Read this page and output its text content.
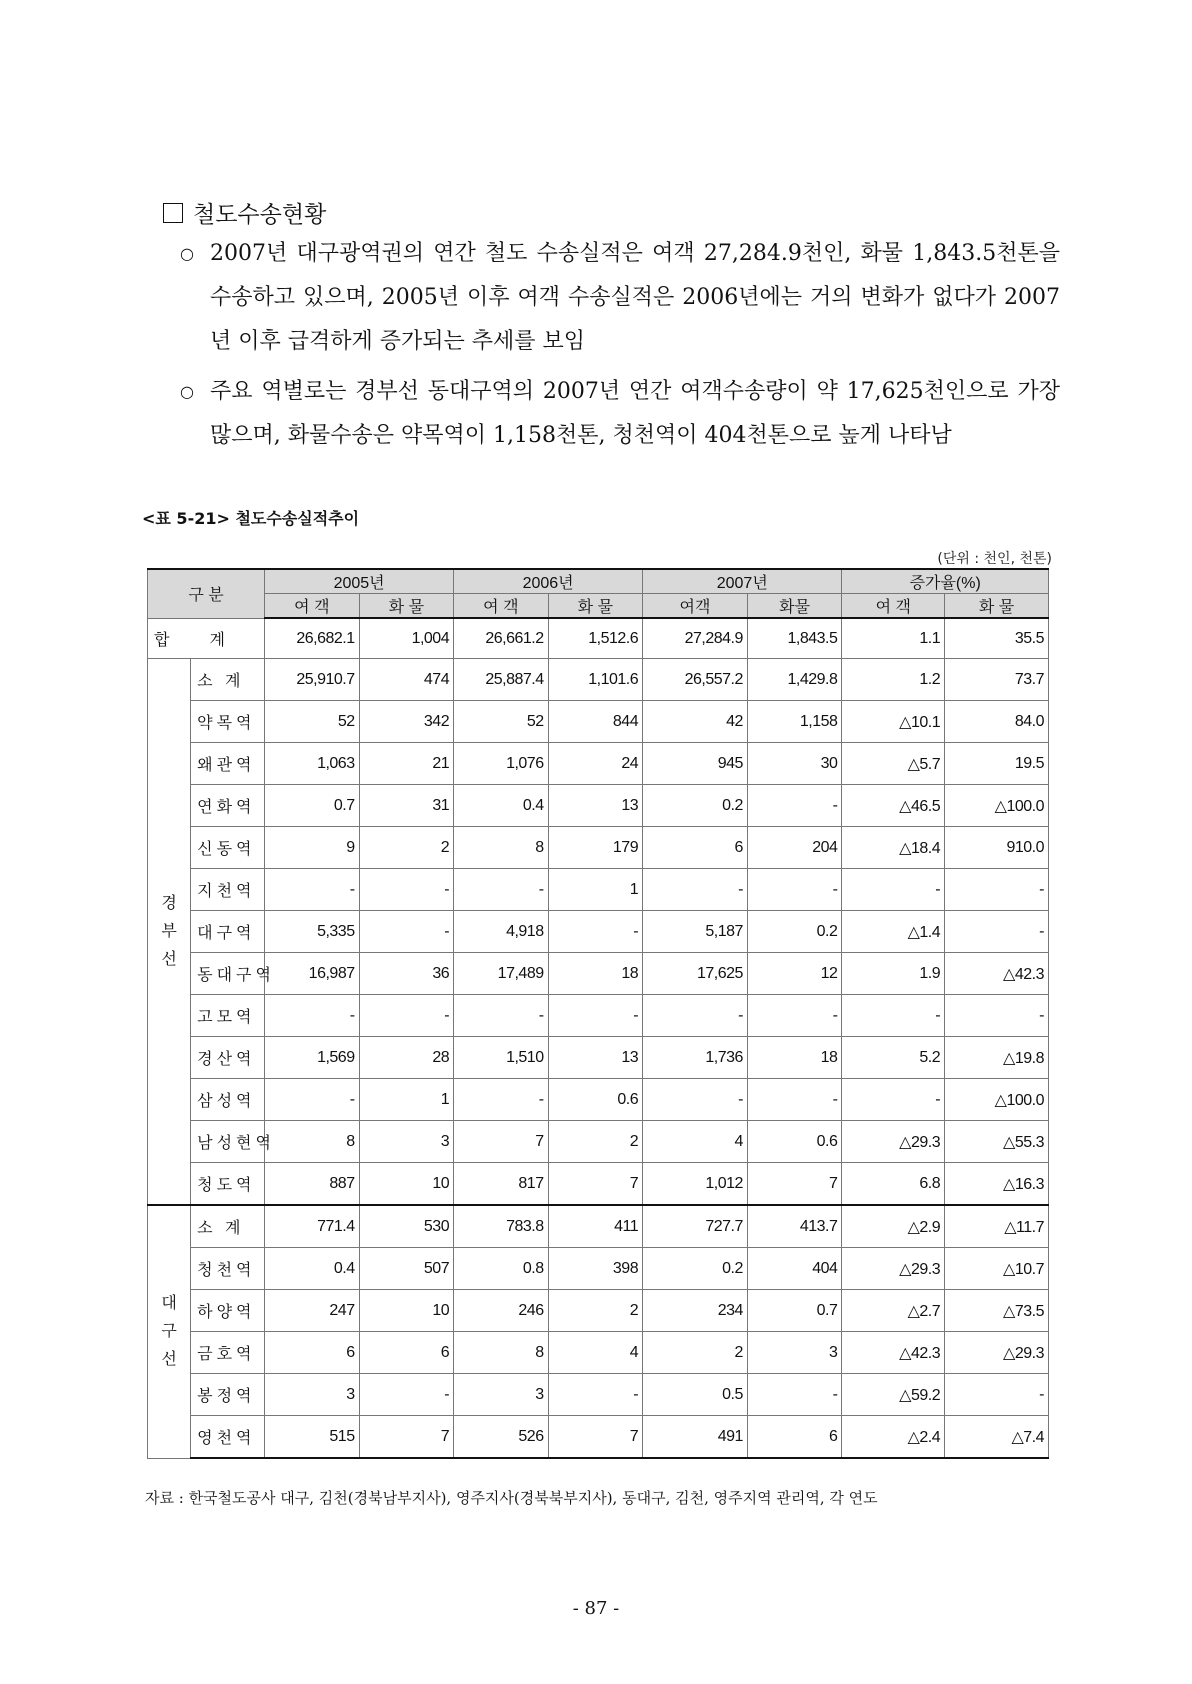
철도수송현황
○ 2007년 대구광역권의 연간 철도 수송실적은 여객 27,284.9천인, 화물 1,843.5천톤을 수송하고 있으며, 2005년 이후 여객 수송실적은 2006년에는 거의 변화가 없다가 2007년 이후 급격하게 증가되는 추세를 보임
○ 주요 역별로는 경부선 동대구역의 2007년 연간 여객수송량이 약 17,625천인으로 가장 많으며, 화물수송은 약목역이 1,158천톤, 청천역이 404천톤으로 높게 나타남
<표 5-21> 철도수송실적추이
(단위 : 천인, 천톤)
구 분		2005년		2006년		2007년		증가율(%)	
		여 객	화 물	여 객	화 물	여객	화물	여 객	화 물
합         계		26,682.1	1,004	26,661.2	1,512.6	27,284.9	1,843.5	1.1	35.5
경
부
선	소 계	25,910.7	474	25,887.4	1,101.6	26,557.2	1,429.8	1.2	73.7
	약목역	52	342	52	844	42	1,158	△10.1	84.0
	왜관역	1,063	21	1,076	24	945	30	△5.7	19.5
	연화역	0.7	31	0.4	13	0.2	-	△46.5	△100.0
	신동역	9	2	8	179	6	204	△18.4	910.0
	지천역	-	-	-	1	-	-	-	-
	대구역	5,335	-	4,918	-	5,187	0.2	△1.4	-
	동대구역	16,987	36	17,489	18	17,625	12	1.9	△42.3
	고모역	-	-	-	-	-	-	-	-
	경산역	1,569	28	1,510	13	1,736	18	5.2	△19.8
	삼성역	-	1	-	0.6	-	-	-	△100.0
	남성현역	8	3	7	2	4	0.6	△29.3	△55.3
	청도역	887	10	817	7	1,012	7	6.8	△16.3
대
구
선	소 계	771.4	530	783.8	411	727.7	413.7	△2.9	△11.7
	청천역	0.4	507	0.8	398	0.2	404	△29.3	△10.7
	하양역	247	10	246	2	234	0.7	△2.7	△73.5
	금호역	6	6	8	4	2	3	△42.3	△29.3
	봉정역	3	-	3	-	0.5	-	△59.2	-
	영천역	515	7	526	7	491	6	△2.4	△7.4
자료 : 한국철도공사 대구, 김천(경북남부지사), 영주지사(경북북부지사), 동대구, 김천, 영주지역 관리역, 각 연도
- 87 -
